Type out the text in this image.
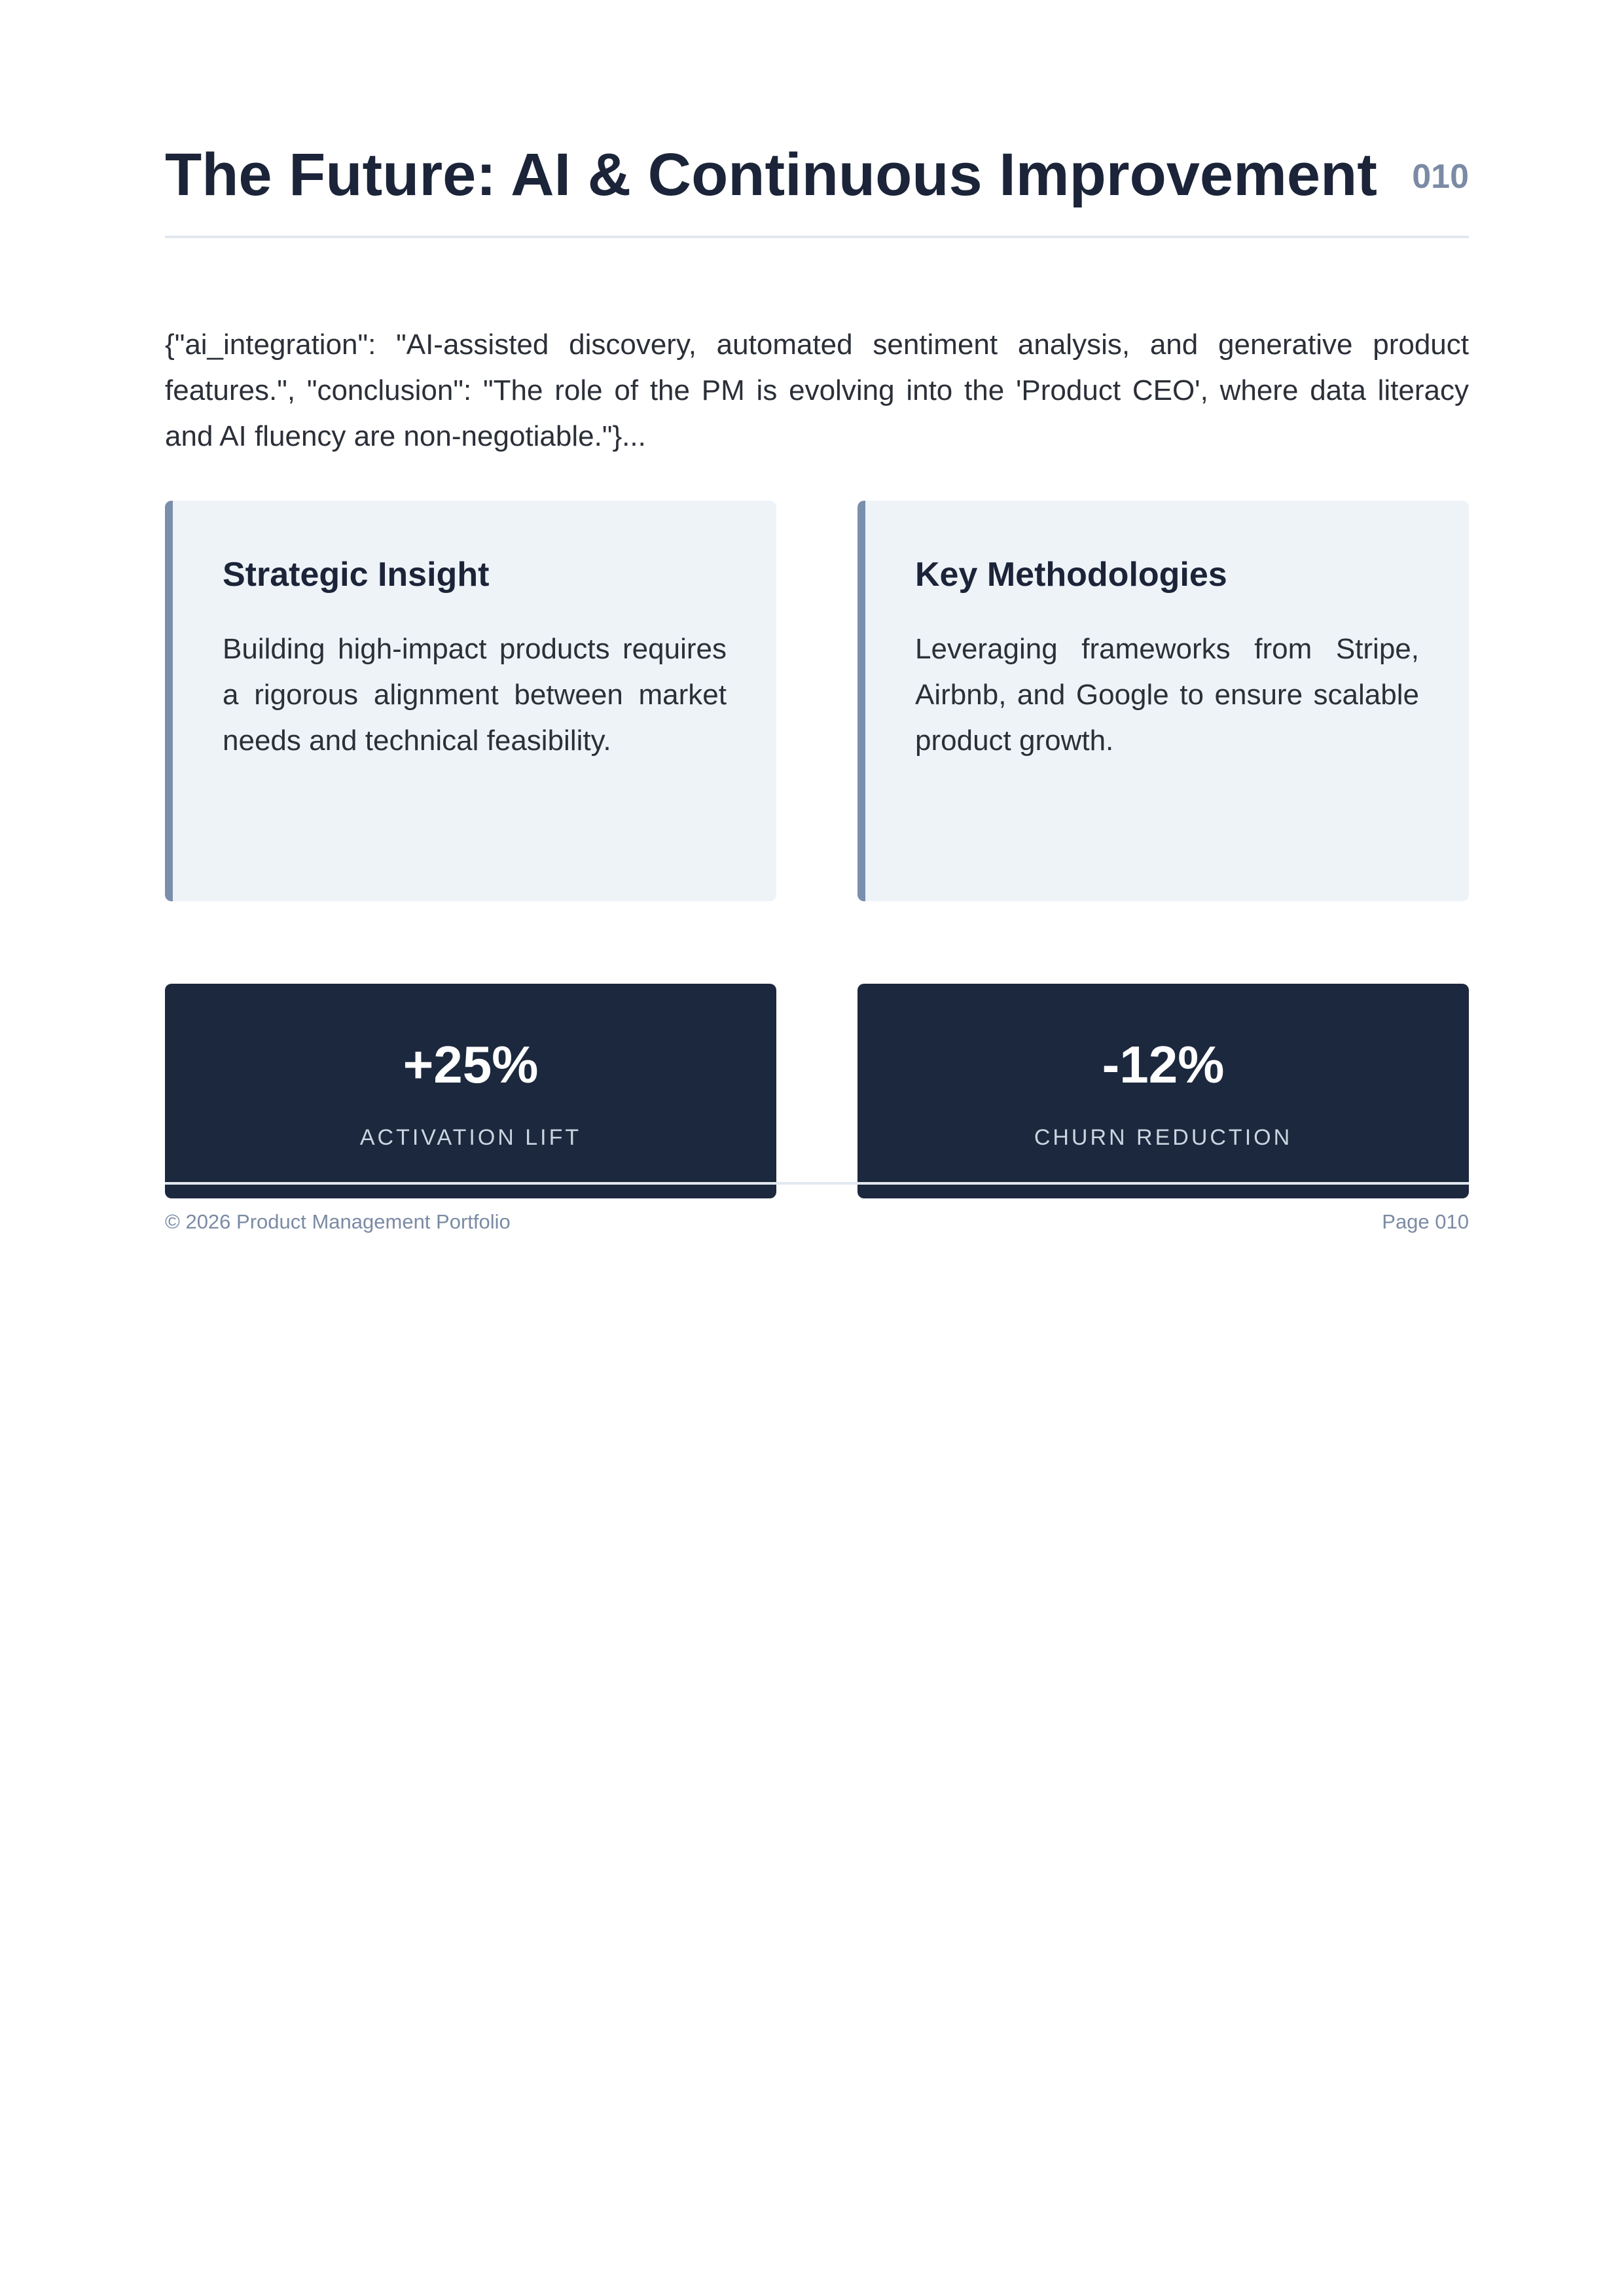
The Future: AI & Continuous Improvement 010

{"ai_integration": "AI-assisted discovery, automated sentiment analysis, and generative product features.", "conclusion": "The role of the PM is evolving into the 'Product CEO', where data literacy and AI fluency are non-negotiable."}...

Strategic Insight

Building high-impact products requires a rigorous alignment between market needs and technical feasibility.

Key Methodologies

Leveraging frameworks from Stripe, Airbnb, and Google to ensure scalable product growth.

+25%
ACTIVATION LIFT
-12%
CHURN REDUCTION
© 2026 Product Management Portfolio	Page 010
